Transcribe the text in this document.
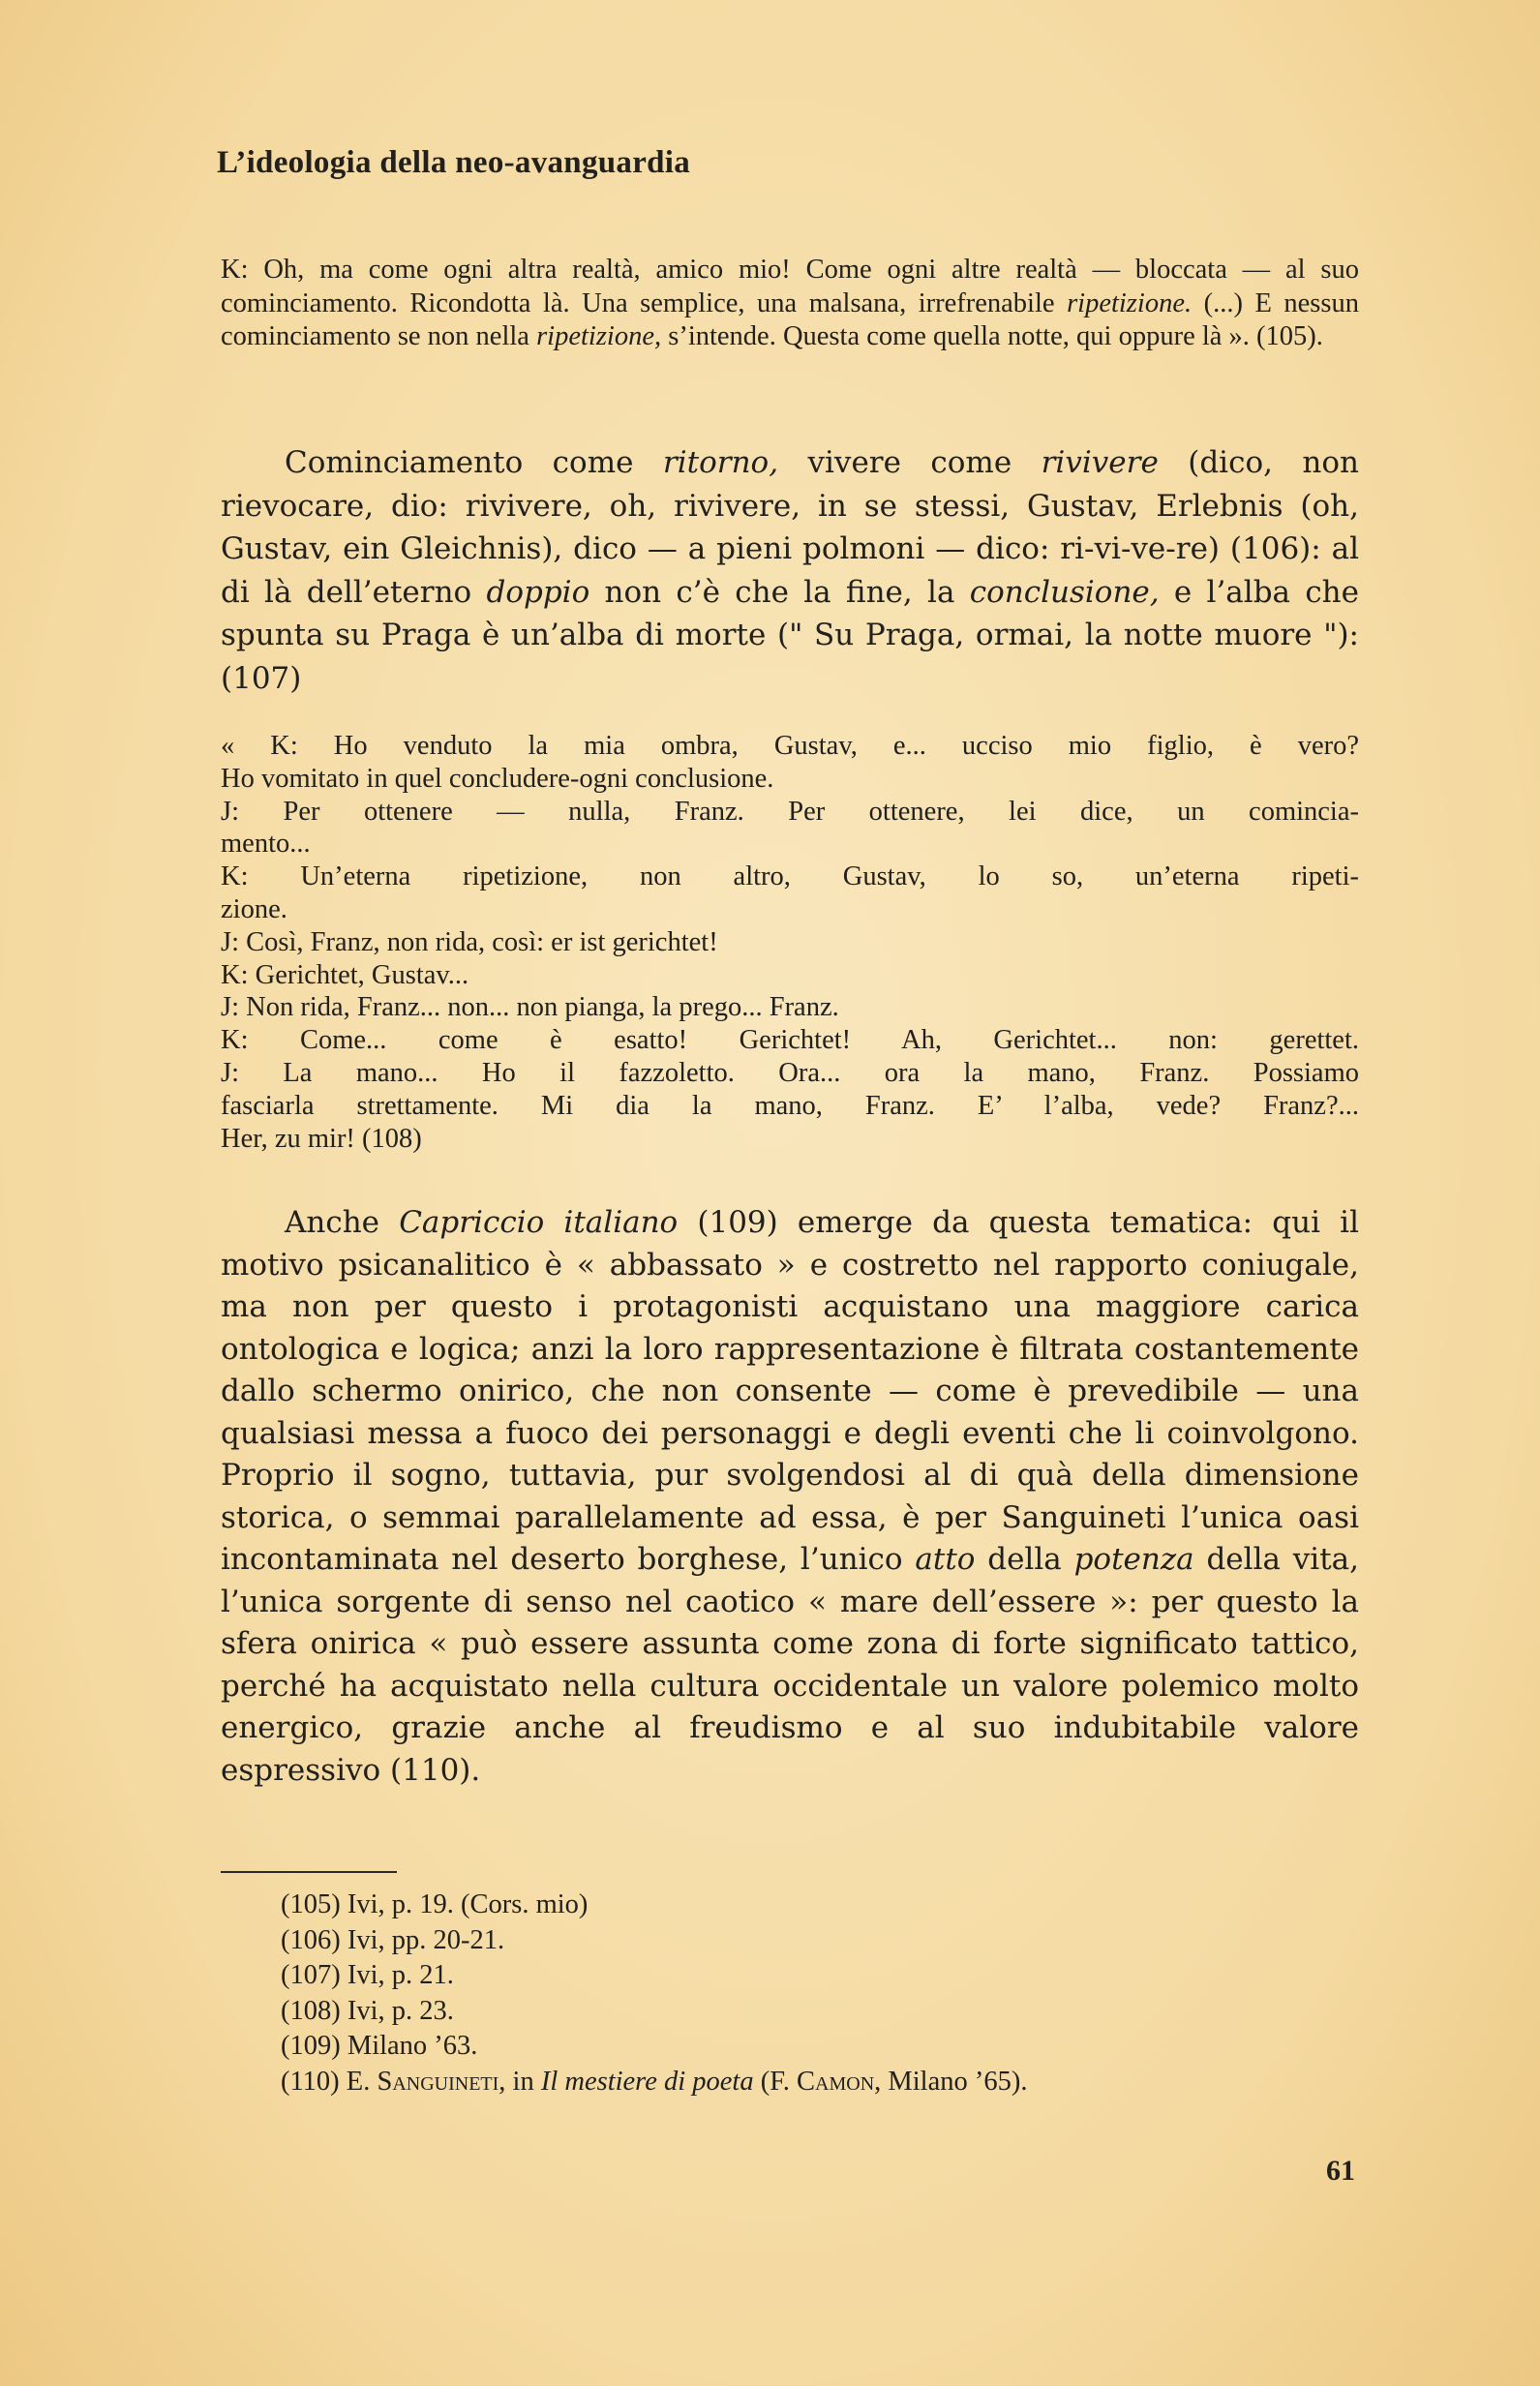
L’ideologia della neo-avanguardia
K: Oh, ma come ogni altra realtà, amico mio! Come ogni altre realtà — bloccata — al suo cominciamento. Ricondotta là. Una semplice, una malsana, irrefrenabile ripetizione. (...) E nessun cominciamento se non nella ripetizione, s’intende. Questa come quella notte, qui oppure là ». (105).
Cominciamento come ritorno, vivere come rivivere (dico, non rievocare, dio: rivivere, oh, rivivere, in se stessi, Gustav, Erlebnis (oh, Gustav, ein Gleichnis), dico — a pieni polmoni — dico: ri-vi-ve-re) (106): al di là dell’eterno doppio non c’è che la fine, la conclusione, e l’alba che spunta su Praga è un’alba di morte (" Su Praga, ormai, la notte muore "): (107)
« K: Ho venduto la mia ombra, Gustav, e... ucciso mio figlio, è vero?
Ho vomitato in quel concludere-ogni conclusione.
J: Per ottenere — nulla, Franz. Per ottenere, lei dice, un comincia-
mento...
K: Un’eterna ripetizione, non altro, Gustav, lo so, un’eterna ripeti-
zione.
J: Così, Franz, non rida, così: er ist gerichtet!
K: Gerichtet, Gustav...
J: Non rida, Franz... non... non pianga, la prego... Franz.
K: Come... come è esatto! Gerichtet! Ah, Gerichtet... non: gerettet.
J: La mano... Ho il fazzoletto. Ora... ora la mano, Franz. Possiamo
fasciarla strettamente. Mi dia la mano, Franz. E’ l’alba, vede? Franz?...
Her, zu mir! (108)
Anche Capriccio italiano (109) emerge da questa tematica: qui il motivo psicanalitico è « abbassato » e costretto nel rapporto coniugale, ma non per questo i protagonisti acquistano una maggiore carica ontologica e logica; anzi la loro rappresentazione è filtrata costantemente dallo schermo onirico, che non consente — come è prevedibile — una qualsiasi messa a fuoco dei personaggi e degli eventi che li coinvolgono. Proprio il sogno, tuttavia, pur svolgendosi al di quà della dimensione storica, o semmai parallelamente ad essa, è per Sanguineti l’unica oasi incontaminata nel deserto borghese, l’unico atto della potenza della vita, l’unica sorgente di senso nel caotico « mare dell’essere »: per questo la sfera onirica « può essere assunta come zona di forte significato tattico, perché ha acquistato nella cultura occidentale un valore polemico molto energico, grazie anche al freudismo e al suo indubitabile valore espressivo (110).
(105) Ivi, p. 19. (Cors. mio)
(106) Ivi, pp. 20-21.
(107) Ivi, p. 21.
(108) Ivi, p. 23.
(109) Milano ’63.
(110) E. Sanguineti, in Il mestiere di poeta (F. Camon, Milano ’65).
61
